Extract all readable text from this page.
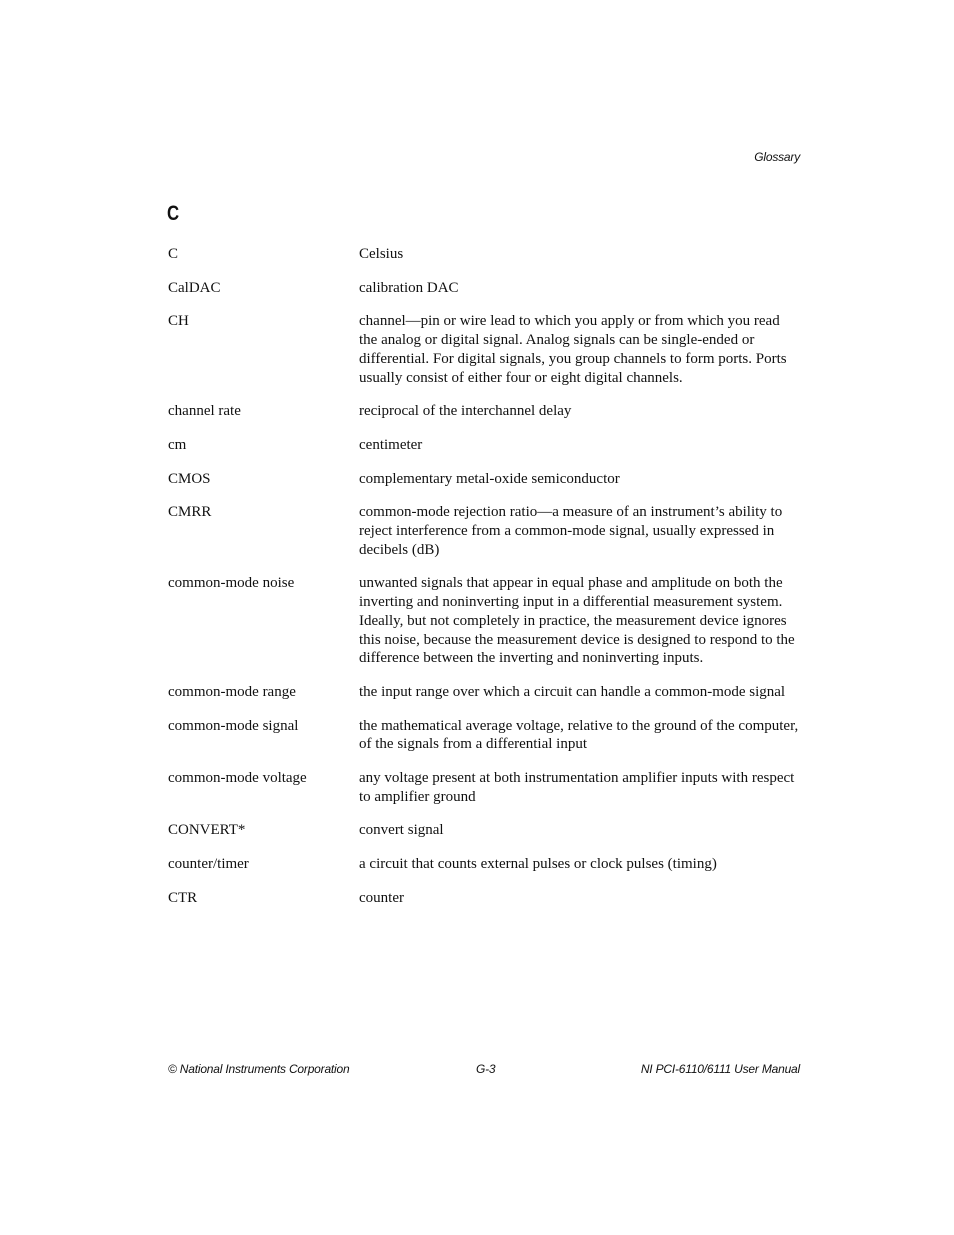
Glossary
C
C	Celsius
CalDAC	calibration DAC
CH	channel—pin or wire lead to which you apply or from which you read the analog or digital signal. Analog signals can be single-ended or differential. For digital signals, you group channels to form ports. Ports usually consist of either four or eight digital channels.
channel rate	reciprocal of the interchannel delay
cm	centimeter
CMOS	complementary metal-oxide semiconductor
CMRR	common-mode rejection ratio—a measure of an instrument’s ability to reject interference from a common-mode signal, usually expressed in decibels (dB)
common-mode noise	unwanted signals that appear in equal phase and amplitude on both the inverting and noninverting input in a differential measurement system. Ideally, but not completely in practice, the measurement device ignores this noise, because the measurement device is designed to respond to the difference between the inverting and noninverting inputs.
common-mode range	the input range over which a circuit can handle a common-mode signal
common-mode signal	the mathematical average voltage, relative to the ground of the computer, of the signals from a differential input
common-mode voltage	any voltage present at both instrumentation amplifier inputs with respect to amplifier ground
CONVERT*	convert signal
counter/timer	a circuit that counts external pulses or clock pulses (timing)
CTR	counter
© National Instruments Corporation	G-3	NI PCI-6110/6111 User Manual
